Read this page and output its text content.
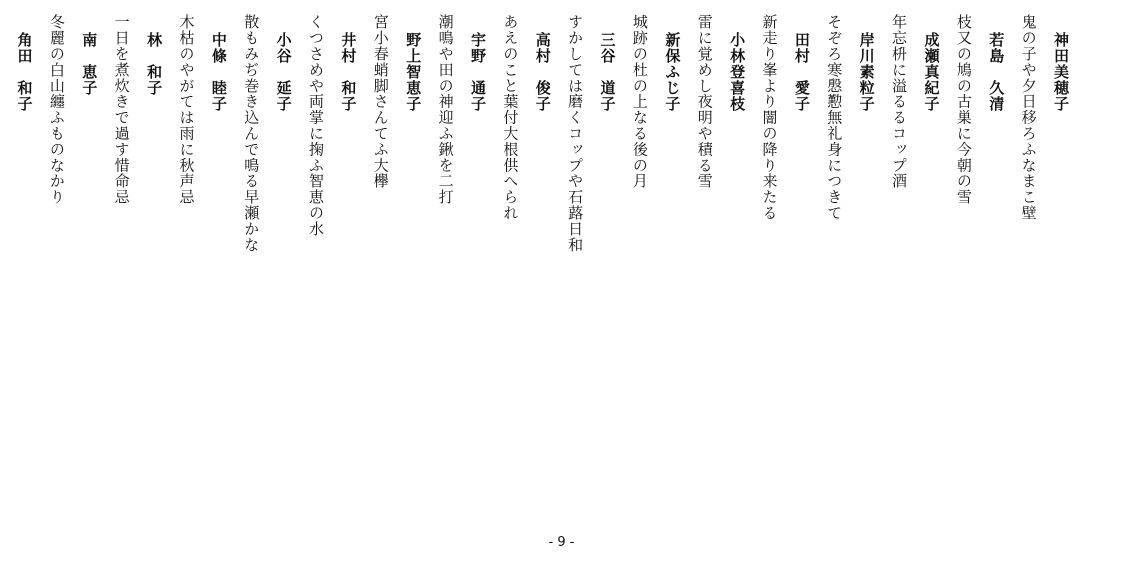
神田美穂子
鬼の子や夕日移ろふなまこ壁
若島　久清
枝又の鳩の古巣に今朝の雪
成瀬真紀子
年忘枡に溢るるコップ酒
岸川素粒子
そぞろ寒慇懃無礼身につきて
田村　愛子
新走り峯より闇の降り来たる
小林登喜枝
雷に覚めし夜明や積る雪
新保ふじ子
城跡の杜の上なる後の月
三谷　道子
すかしては磨くコップや石蕗日和
高村　俊子
あえのこと葉付大根供へられ
宇野　通子
潮鳴や田の神迎ふ鍬を二打
野上智恵子
宮小春蛸脚さんてふ大欅
井村　和子
くつさめや両掌に掬ふ智恵の水
小谷　延子
散もみぢ巻き込んで鳴る早瀬かな
中條　睦子
木枯のやがては雨に秋声忌
林　和子
一日を煮炊きで過す惜命忌
南　恵子
冬麗の白山纏ふものなかり
角田　和子
- 9 -
